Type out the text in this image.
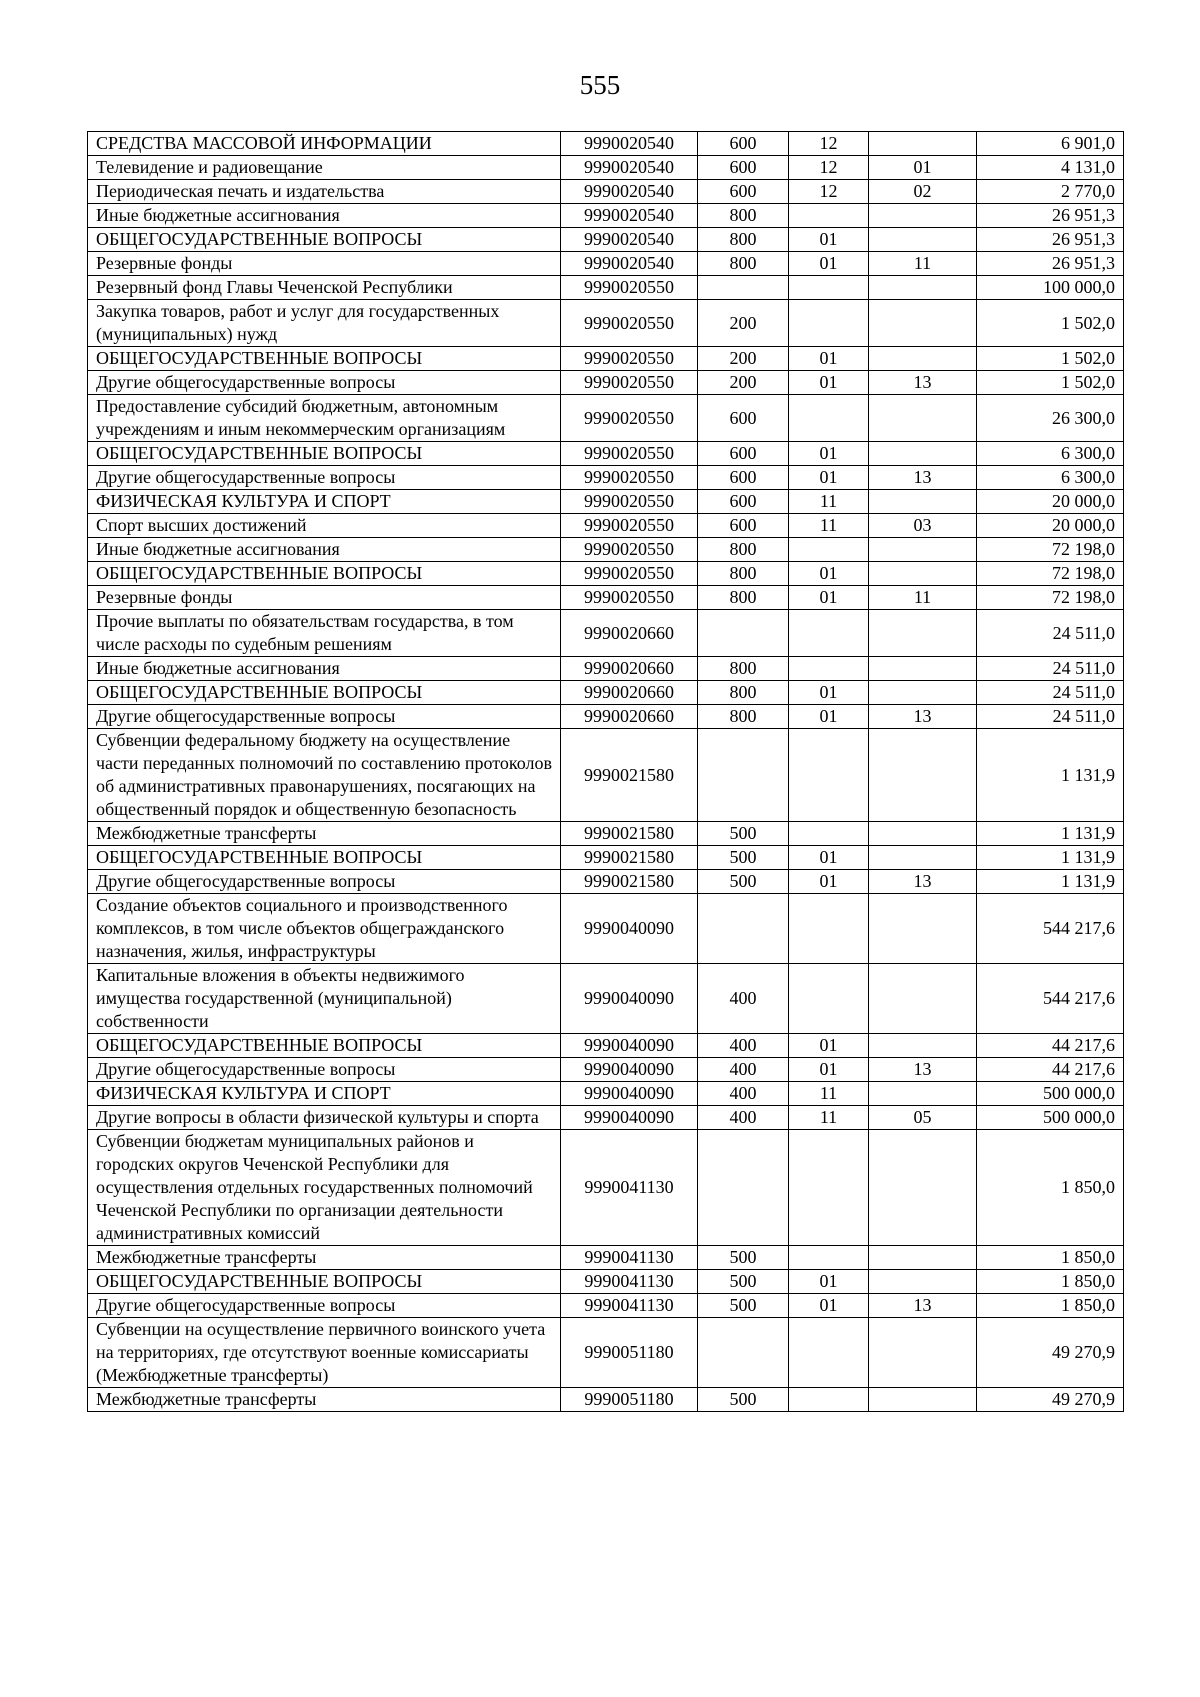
555
СРЕДСТВА МАССОВОЙ ИНФОРМАЦИИ	9990020540	600	12		6 901,0
Телевидение и радиовещание	9990020540	600	12	01	4 131,0
Периодическая печать и издательства	9990020540	600	12	02	2 770,0
Иные бюджетные ассигнования	9990020540	800			26 951,3
ОБЩЕГОСУДАРСТВЕННЫЕ ВОПРОСЫ	9990020540	800	01		26 951,3
Резервные фонды	9990020540	800	01	11	26 951,3
Резервный фонд Главы Чеченской Республики	9990020550				100 000,0
Закупка товаров, работ и услуг для государственных (муниципальных) нужд	9990020550	200			1 502,0
ОБЩЕГОСУДАРСТВЕННЫЕ ВОПРОСЫ	9990020550	200	01		1 502,0
Другие общегосударственные вопросы	9990020550	200	01	13	1 502,0
Предоставление субсидий бюджетным, автономным учреждениям и иным некоммерческим организациям	9990020550	600			26 300,0
ОБЩЕГОСУДАРСТВЕННЫЕ ВОПРОСЫ	9990020550	600	01		6 300,0
Другие общегосударственные вопросы	9990020550	600	01	13	6 300,0
ФИЗИЧЕСКАЯ КУЛЬТУРА И СПОРТ	9990020550	600	11		20 000,0
Спорт высших достижений	9990020550	600	11	03	20 000,0
Иные бюджетные ассигнования	9990020550	800			72 198,0
ОБЩЕГОСУДАРСТВЕННЫЕ ВОПРОСЫ	9990020550	800	01		72 198,0
Резервные фонды	9990020550	800	01	11	72 198,0
Прочие выплаты по обязательствам государства, в том числе расходы по судебным решениям	9990020660				24 511,0
Иные бюджетные ассигнования	9990020660	800			24 511,0
ОБЩЕГОСУДАРСТВЕННЫЕ ВОПРОСЫ	9990020660	800	01		24 511,0
Другие общегосударственные вопросы	9990020660	800	01	13	24 511,0
Субвенции федеральному бюджету на осуществление части переданных полномочий по составлению протоколов об административных правонарушениях, посягающих на общественный порядок и общественную безопасность	9990021580				1 131,9
Межбюджетные трансферты	9990021580	500			1 131,9
ОБЩЕГОСУДАРСТВЕННЫЕ ВОПРОСЫ	9990021580	500	01		1 131,9
Другие общегосударственные вопросы	9990021580	500	01	13	1 131,9
Создание объектов социального и производственного комплексов, в том числе объектов общегражданского назначения, жилья, инфраструктуры	9990040090				544 217,6
Капитальные вложения в объекты недвижимого имущества государственной (муниципальной) собственности	9990040090	400			544 217,6
ОБЩЕГОСУДАРСТВЕННЫЕ ВОПРОСЫ	9990040090	400	01		44 217,6
Другие общегосударственные вопросы	9990040090	400	01	13	44 217,6
ФИЗИЧЕСКАЯ КУЛЬТУРА И СПОРТ	9990040090	400	11		500 000,0
Другие вопросы в области физической культуры и спорта	9990040090	400	11	05	500 000,0
Субвенции бюджетам муниципальных районов и городских округов Чеченской Республики для осуществления отдельных государственных полномочий Чеченской Республики по организации деятельности административных комиссий	9990041130				1 850,0
Межбюджетные трансферты	9990041130	500			1 850,0
ОБЩЕГОСУДАРСТВЕННЫЕ ВОПРОСЫ	9990041130	500	01		1 850,0
Другие общегосударственные вопросы	9990041130	500	01	13	1 850,0
Субвенции на осуществление первичного воинского учета на территориях, где отсутствуют военные комиссариаты (Межбюджетные трансферты)	9990051180				49 270,9
Межбюджетные трансферты	9990051180	500			49 270,9
